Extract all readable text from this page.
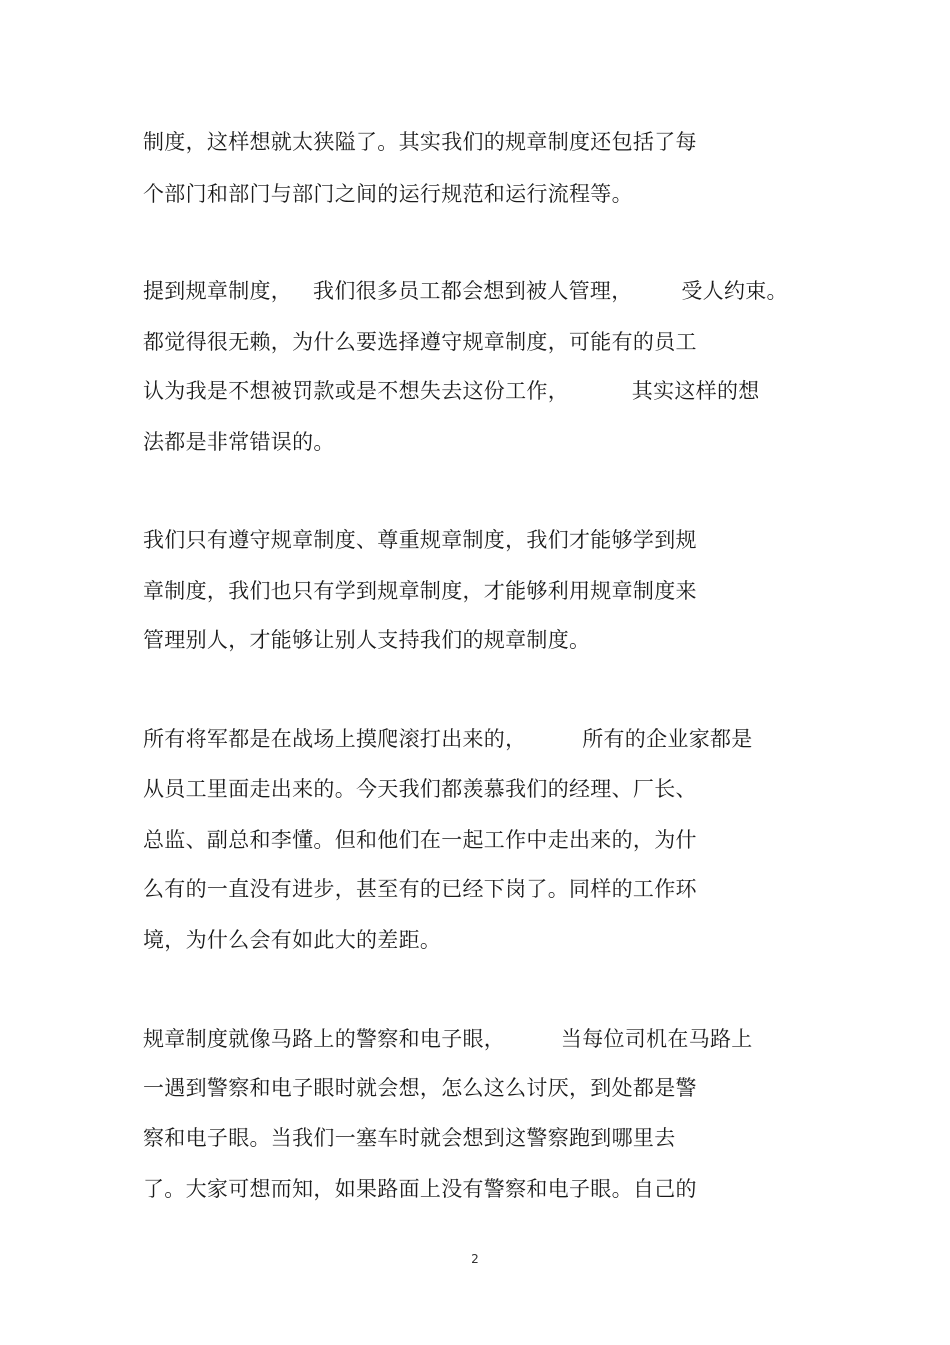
制度，这样想就太狭隘了。其实我们的规章制度还包括了每
个部门和部门与部门之间的运行规范和运行流程等。
提到规章制度，   我们很多员工都会想到被人管理，       受人约束。
都觉得很无赖，为什么要选择遵守规章制度，可能有的员工
认为我是不想被罚款或是不想失去这份工作，         其实这样的想
法都是非常错误的。
我们只有遵守规章制度、尊重规章制度，我们才能够学到规
章制度，我们也只有学到规章制度，才能够利用规章制度来
管理别人，才能够让别人支持我们的规章制度。
所有将军都是在战场上摸爬滚打出来的，        所有的企业家都是
从员工里面走出来的。今天我们都羡慕我们的经理、厂长、
总监、副总和李懂。但和他们在一起工作中走出来的，为什
么有的一直没有进步，甚至有的已经下岗了。同样的工作环
境，为什么会有如此大的差距。
规章制度就像马路上的警察和电子眼，        当每位司机在马路上
一遇到警察和电子眼时就会想，怎么这么讨厌，到处都是警
察和电子眼。当我们一塞车时就会想到这警察跑到哪里去
了。大家可想而知，如果路面上没有警察和电子眼。自己的
2
